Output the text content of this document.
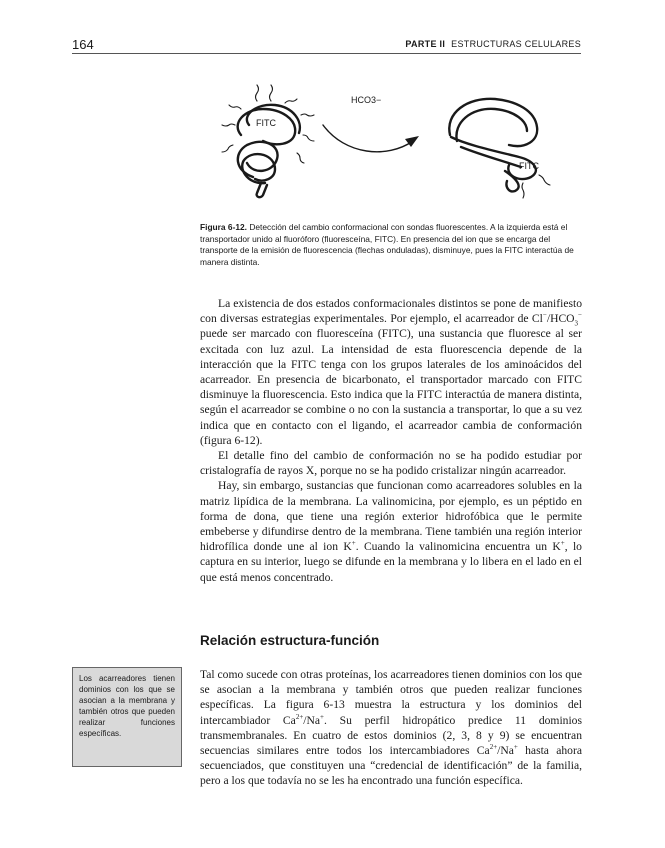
164	PARTE II ESTRUCTURAS CELULARES
FITC
HCO3−
FITC
Figura 6-12. Detección del cambio conformacional con sondas fluorescentes. A la izquierda está el transportador unido al fluoróforo (fluoresceína, FITC). En presencia del ion que se encarga del transporte de la emisión de fluorescencia (flechas onduladas), disminuye, pues la FITC interactúa de manera distinta.

La existencia de dos estados conformacionales distintos se pone de manifiesto con diversas estrategias experimentales. Por ejemplo, el acarreador de $Cl^-/HCO_3^-$ puede ser marcado con fluoresceína (FITC), una sustancia que fluoresce al ser excitada con luz azul. La intensidad de esta fluorescencia depende de la interacción que la FITC tenga con los grupos laterales de los aminoácidos del acarreador. En presencia de bicarbonato, el transportador marcado con FITC disminuye la fluorescencia. Esto indica que la FITC interactúa de manera distinta, según el acarreador se combine o no con la sustancia a transportar, lo que a su vez indica que en contacto con el ligando, el acarreador cambia de conformación (figura 6-12).

El detalle fino del cambio de conformación no se ha podido estudiar por cristalografía de rayos X, porque no se ha podido cristalizar ningún acarreador.

Hay, sin embargo, sustancias que funcionan como acarreadores solubles en la matriz lipídica de la membrana. La valinomicina, por ejemplo, es un péptido en forma de dona, que tiene una región exterior hidrofóbica que le permite embeberse y difundirse dentro de la membrana. Tiene también una región interior hidrofílica donde une al ion K+. Cuando la valinomicina encuentra un K+, lo captura en su interior, luego se difunde en la membrana y lo libera en el lado en el que está menos concentrado.

Relación estructura-función

Tal como sucede con otras proteínas, los acarreadores tienen dominios con los que se asocian a la membrana y también otros que pueden realizar funciones específicas. La figura 6-13 muestra la estructura y los dominios del intercambiador $Ca^{2+}/Na^+$. Su perfil hidropático predice 11 dominios transmembranales. En cuatro de estos dominios (2, 3, 8 y 9) se encuentran secuencias similares entre todos los intercambiadores $Ca^{2+}/Na^+$ hasta ahora secuenciados, que constituyen una “credencial de identificación” de la familia, pero a los que todavía no se les ha encontrado una función específica.

Los acarreadores tienen dominios con los que se asocian a la membrana y también otros que pueden realizar funciones específicas.
